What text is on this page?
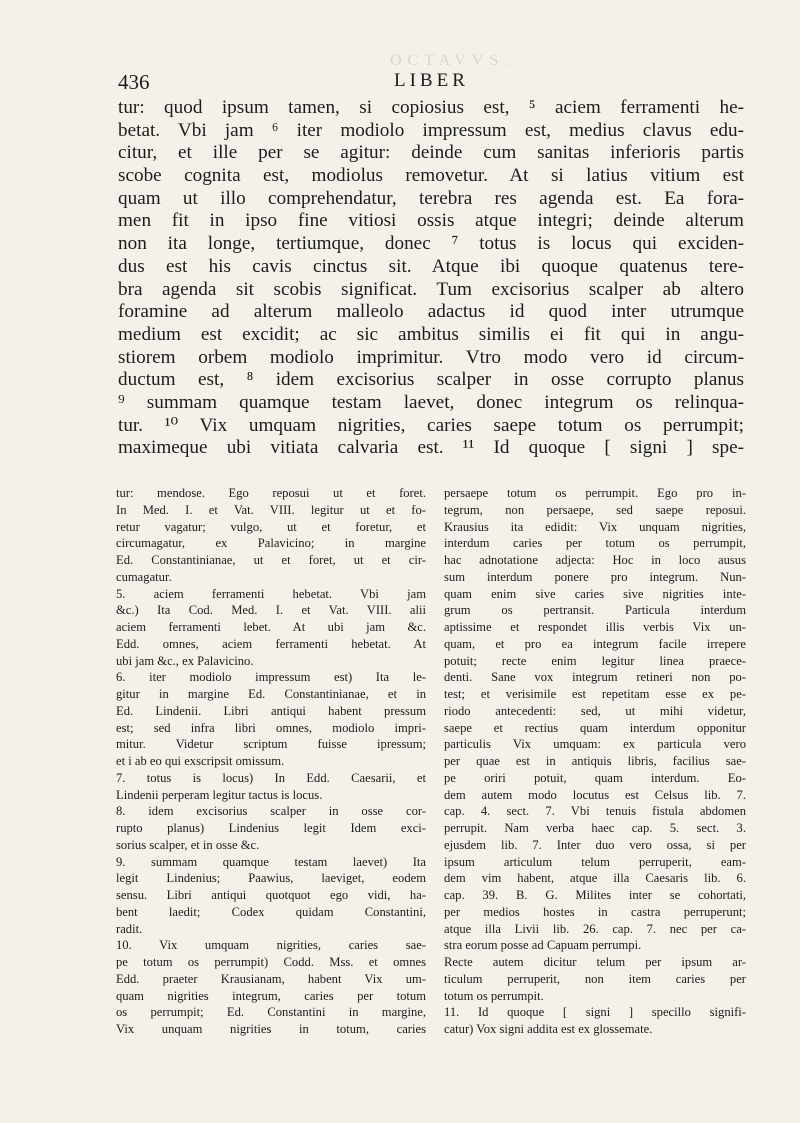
OCTAVVS.
436	LIBER
tur: quod ipsum tamen, si copiosius est, ⁵ aciem ferramenti he-
betat. Vbi jam ⁶ iter modiolo impressum est, medius clavus edu-
citur, et ille per se agitur: deinde cum sanitas inferioris partis
scobe cognita est, modiolus removetur. At si latius vitium est
quam ut illo comprehendatur, terebra res agenda est. Ea fora-
men fit in ipso fine vitiosi ossis atque integri; deinde alterum
non ita longe, tertiumque, donec ⁷ totus is locus qui exciden-
dus est his cavis cinctus sit. Atque ibi quoque quatenus tere-
bra agenda sit scobis significat. Tum excisorius scalper ab altero
foramine ad alterum malleolo adactus id quod inter utrumque
medium est excidit; ac sic ambitus similis ei fit qui in angu-
stiorem orbem modiolo imprimitur. Vtro modo vero id circum-
ductum est, ⁸ idem excisorius scalper in osse corrupto planus
⁹ summam quamque testam laevet, donec integrum os relinqua-
tur. ¹⁰ Vix umquam nigrities, caries saepe totum os perrumpit;
maximeque ubi vitiata calvaria est. ¹¹ Id quoque [ signi ] spe-
tur: mendose. Ego reposui ut et foret.
In Med. I. et Vat. VIII. legitur ut et fo-
retur vagatur; vulgo, ut et foretur, et
circumagatur, ex Palavicino; in margine
Ed. Constantinianae, ut et foret, ut et cir-
cumagatur.
5. aciem ferramenti hebetat. Vbi jam
&c.) Ita Cod. Med. I. et Vat. VIII. alii
aciem ferramenti lebet. At ubi jam &c.
Edd. omnes, aciem ferramenti hebetat. At
ubi jam &c., ex Palavicino.
6. iter modiolo impressum est) Ita le-
gitur in margine Ed. Constantinianae, et in
Ed. Lindenii. Libri antiqui habent pressum
est; sed infra libri omnes, modiolo impri-
mitur. Videtur scriptum fuisse ipressum;
et i ab eo qui exscripsit omissum.
7. totus is locus) In Edd. Caesarii, et
Lindenii perperam legitur tactus is locus.
8. idem excisorius scalper in osse cor-
rupto planus) Lindenius legit Idem exci-
sorius scalper, et in osse &c.
9. summam quamque testam laevet) Ita
legit Lindenius; Paawius, laeviget, eodem
sensu. Libri antiqui quotquot ego vidi, ha-
bent laedit; Codex quidam Constantini,
radit.
10. Vix umquam nigrities, caries sae-
pe totum os perrumpit) Codd. Mss. et omnes
Edd. praeter Krausianam, habent Vix um-
quam nigrities integrum, caries per totum
os perrumpit; Ed. Constantini in margine,
Vix unquam nigrities in totum, caries
persaepe totum os perrumpit. Ego pro in-
tegrum, non persaepe, sed saepe reposui.
Krausius ita edidit: Vix unquam nigrities,
interdum caries per totum os perrumpit,
hac adnotatione adjecta: Hoc in loco ausus
sum interdum ponere pro integrum. Nun-
quam enim sive caries sive nigrities inte-
grum os pertransit. Particula interdum
aptissime et respondet illis verbis Vix un-
quam, et pro ea integrum facile irrepere
potuit; recte enim legitur linea praece-
denti. Sane vox integrum retineri non po-
test; et verisimile est repetitam esse ex pe-
riodo antecedenti: sed, ut mihi videtur,
saepe et rectius quam interdum opponitur
particulis Vix umquam: ex particula vero
per quae est in antiquis libris, facilius sae-
pe oriri potuit, quam interdum. Eo-
dem autem modo locutus est Celsus lib. 7.
cap. 4. sect. 7. Vbi tenuis fistula abdomen
perrupit. Nam verba haec cap. 5. sect. 3.
ejusdem lib. 7. Inter duo vero ossa, si per
ipsum articulum telum perruperit, eam-
dem vim habent, atque illa Caesaris lib. 6.
cap. 39. B. G. Milites inter se cohortati,
per medios hostes in castra perruperunt;
atque illa Livii lib. 26. cap. 7. nec per ca-
stra eorum posse ad Capuam perrumpi.
Recte autem dicitur telum per ipsum ar-
ticulum perruperit, non item caries per
totum os perrumpit.
11. Id quoque [ signi ] specillo signifi-
catur) Vox signi addita est ex glossemate.
